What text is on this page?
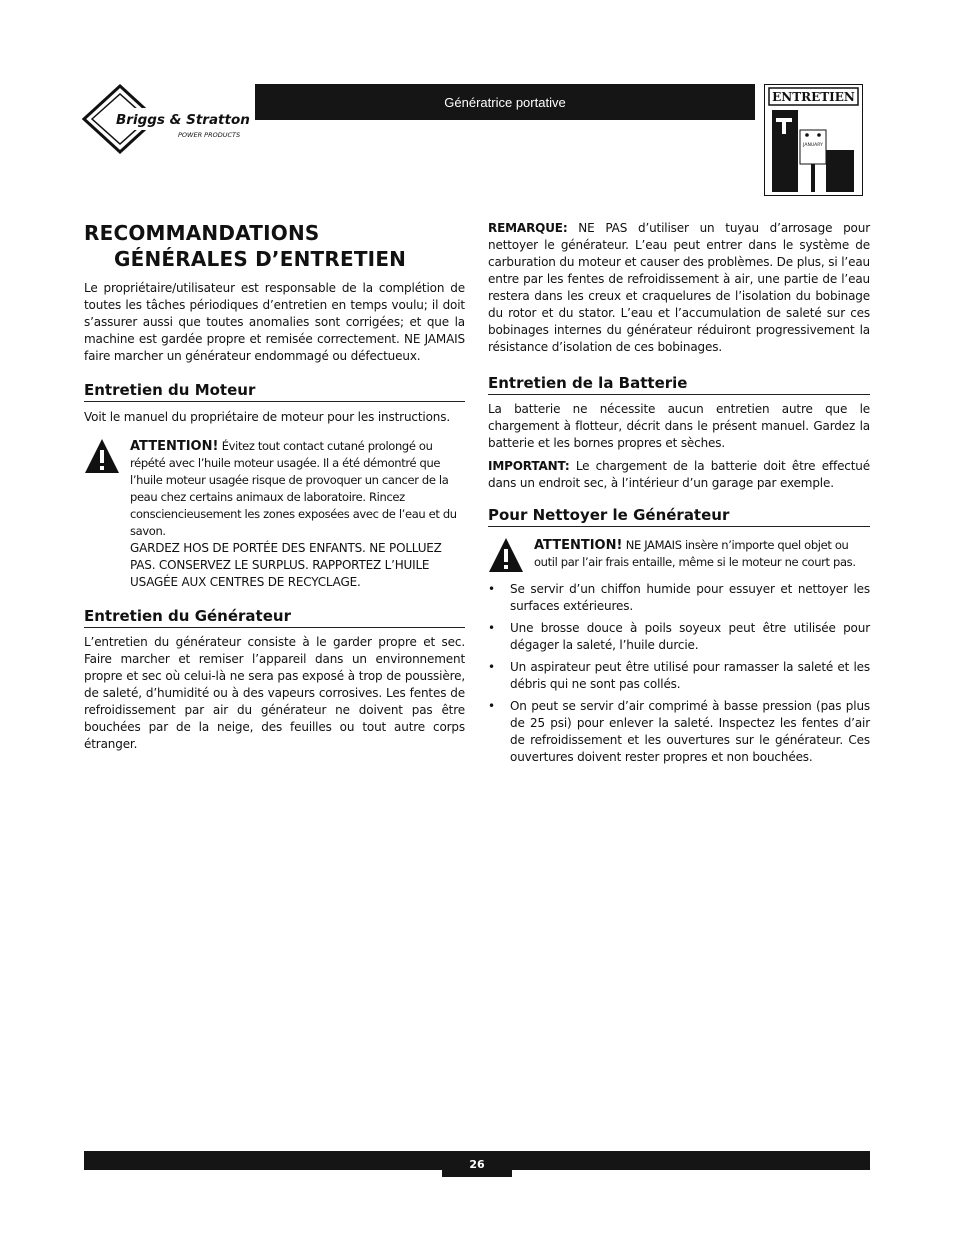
Briggs & Stratton
POWER PRODUCTS
Génératrice portative	ENTRETIEN
JANUARY
RECOMMANDATIONS
GÉNÉRALES D’ENTRETIEN

Le propriétaire/utilisateur est responsable de la complétion de toutes les tâches périodiques d’entretien en temps voulu; il doit s’assurer aussi que toutes anomalies sont corrigées; et que la machine est gardée propre et remisée correctement. NE JAMAIS faire marcher un générateur endommagé ou défectueux.

Entretien du Moteur

Voit le manuel du propriétaire de moteur pour les instructions.

ATTENTION! Évitez tout contact cutané prolongé ou répété avec l’huile moteur usagée. Il a été démontré que l’huile moteur usagée risque de provoquer un cancer de la peau chez certains animaux de laboratoire. Rincez consciencieusement les zones exposées avec de l’eau et du savon.
GARDEZ HOS DE PORTÉE DES ENFANTS. NE POLLUEZ PAS. CONSERVEZ LE SURPLUS. RAPPORTEZ L’HUILE USAGÉE AUX CENTRES DE RECYCLAGE.
Entretien du Générateur

L’entretien du générateur consiste à le garder propre et sec. Faire marcher et remiser l’appareil dans un environnement propre et sec où celui-là ne sera pas exposé à trop de poussière, de saleté, d’humidité ou à des vapeurs corrosives. Les fentes de refroidissement par air du générateur ne doivent pas être bouchées par de la neige, des feuilles ou tout autre corps étranger.

REMARQUE: NE PAS d’utiliser un tuyau d’arrosage pour nettoyer le générateur. L’eau peut entrer dans le système de carburation du moteur et causer des problèmes. De plus, si l’eau entre par les fentes de refroidissement à air, une partie de l’eau restera dans les creux et craquelures de l’isolation du bobinage du rotor et du stator. L’eau et l’accumulation de saleté sur ces bobinages internes du générateur réduiront progressivement la résistance d’isolation de ces bobinages.

Entretien de la Batterie

La batterie ne nécessite aucun entretien autre que le chargement à flotteur, décrit dans le présent manuel. Gardez la batterie et les bornes propres et sèches.

IMPORTANT: Le chargement de la batterie doit être effectué dans un endroit sec, à l’intérieur d’un garage par exemple.

Pour Nettoyer le Générateur
ATTENTION! NE JAMAIS insère n’importe quel objet ou outil par l’air frais entaille, même si le moteur ne court pas.
• Se servir d’un chiffon humide pour essuyer et nettoyer les surfaces extérieures.
• Une brosse douce à poils soyeux peut être utilisée pour dégager la saleté, l’huile durcie.
• Un aspirateur peut être utilisé pour ramasser la saleté et les débris qui ne sont pas collés.
• On peut se servir d’air comprimé à basse pression (pas plus de 25 psi) pour enlever la saleté. Inspectez les fentes d’air de refroidissement et les ouvertures sur le générateur. Ces ouvertures doivent rester propres et non bouchées.
26
